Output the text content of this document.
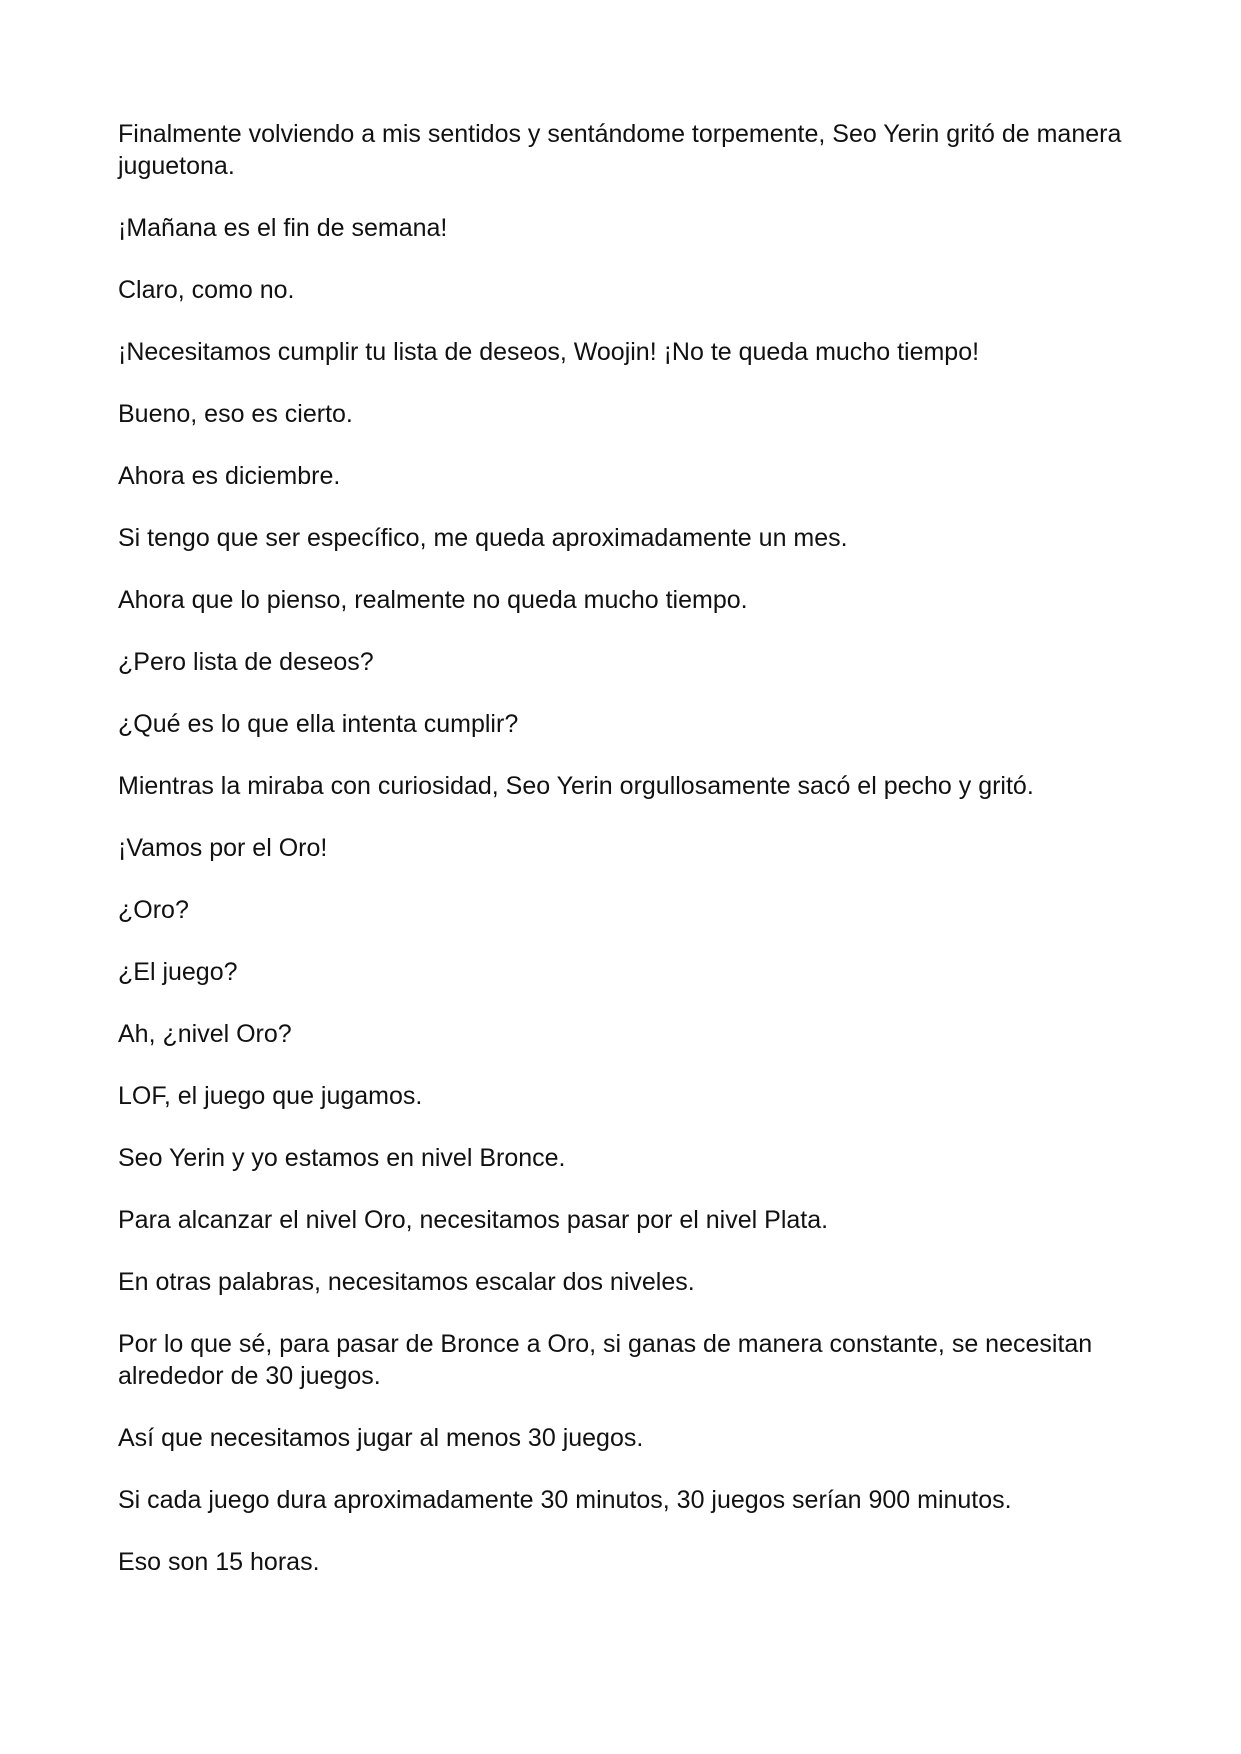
Finalmente volviendo a mis sentidos y sentándome torpemente, Seo Yerin gritó de manera juguetona.

¡Mañana es el fin de semana!

Claro, como no.

¡Necesitamos cumplir tu lista de deseos, Woojin! ¡No te queda mucho tiempo!

Bueno, eso es cierto.

Ahora es diciembre.

Si tengo que ser específico, me queda aproximadamente un mes.

Ahora que lo pienso, realmente no queda mucho tiempo.

¿Pero lista de deseos?

¿Qué es lo que ella intenta cumplir?

Mientras la miraba con curiosidad, Seo Yerin orgullosamente sacó el pecho y gritó.

¡Vamos por el Oro!

¿Oro?

¿El juego?

Ah, ¿nivel Oro?

LOF, el juego que jugamos.

Seo Yerin y yo estamos en nivel Bronce.

Para alcanzar el nivel Oro, necesitamos pasar por el nivel Plata.

En otras palabras, necesitamos escalar dos niveles.

Por lo que sé, para pasar de Bronce a Oro, si ganas de manera constante, se necesitan alrededor de 30 juegos.

Así que necesitamos jugar al menos 30 juegos.

Si cada juego dura aproximadamente 30 minutos, 30 juegos serían 900 minutos.

Eso son 15 horas.
